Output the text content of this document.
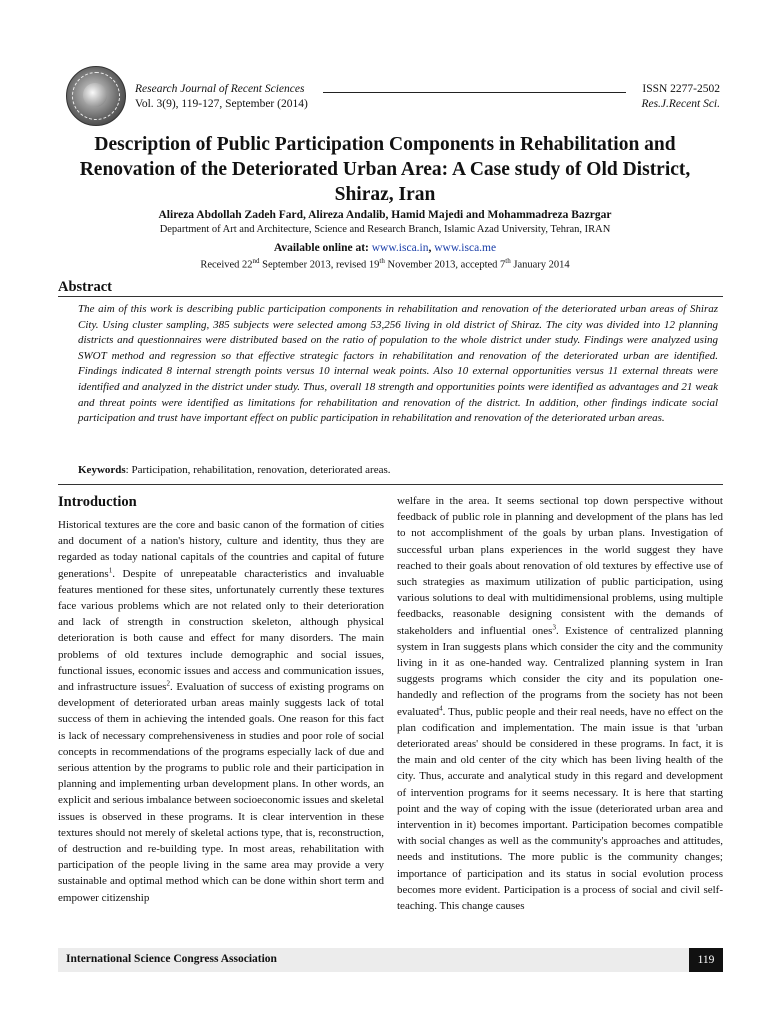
Research Journal of Recent Sciences
Vol. 3(9), 119-127, September (2014)
ISSN 2277-2502
Res.J.Recent Sci.
Description of Public Participation Components in Rehabilitation and Renovation of the Deteriorated Urban Area: A Case study of Old District, Shiraz, Iran
Alireza Abdollah Zadeh Fard, Alireza Andalib, Hamid Majedi and Mohammadreza Bazrgar
Department of Art and Architecture, Science and Research Branch, Islamic Azad University, Tehran, IRAN
Available online at: www.isca.in, www.isca.me
Received 22nd September 2013, revised 19th November 2013, accepted 7th January 2014
Abstract
The aim of this work is describing public participation components in rehabilitation and renovation of the deteriorated urban areas of Shiraz City. Using cluster sampling, 385 subjects were selected among 53,256 living in old district of Shiraz. The city was divided into 12 planning districts and questionnaires were distributed based on the ratio of population to the whole district under study. Findings were analyzed using SWOT method and regression so that effective strategic factors in rehabilitation and renovation of the deteriorated urban are identified. Findings indicated 8 internal strength points versus 10 internal weak points. Also 10 external opportunities versus 11 external threats were identified and analyzed in the district under study. Thus, overall 18 strength and opportunities points were identified as advantages and 21 weak and threat points were identified as limitations for rehabilitation and renovation of the district. In addition, other findings indicate social participation and trust have important effect on public participation in rehabilitation and renovation of the deteriorated urban areas.
Keywords: Participation, rehabilitation, renovation, deteriorated areas.
Introduction

Historical textures are the core and basic canon of the formation of cities and document of a nation's history, culture and identity, thus they are regarded as today national capitals of the countries and capital of future generations$^1$. Despite of unrepeatable characteristics and invaluable features mentioned for these sites, unfortunately currently these textures face various problems which are not related only to their deterioration and lack of strength in construction skeleton, although physical deterioration is both cause and effect for many disorders. The main problems of old textures include demographic and social issues, functional issues, economic issues and access and communication issues, and infrastructure issues$^2$. Evaluation of success of existing programs on development of deteriorated urban areas mainly suggests lack of total success of them in achieving the intended goals. One reason for this fact is lack of necessary comprehensiveness in studies and poor role of social concepts in recommendations of the programs especially lack of due and serious attention by the programs to public role and their participation in planning and implementing urban development plans. In other words, an explicit and serious imbalance between socioeconomic issues and skeletal issues is observed in these programs. It is clear intervention in these textures should not merely of skeletal actions type, that is, reconstruction, of destruction and re-building type. In most areas, rehabilitation with participation of the people living in the same area may provide a very sustainable and optimal method which can be done within short term and empower citizenship

welfare in the area. It seems sectional top down perspective without feedback of public role in planning and development of the plans has led to not accomplishment of the goals by urban plans. Investigation of successful urban plans experiences in the world suggest they have reached to their goals about renovation of old textures by effective use of such strategies as maximum utilization of public participation, using various solutions to deal with multidimensional problems, using multiple feedbacks, reasonable designing consistent with the demands of stakeholders and influential ones$^3$. Existence of centralized planning system in Iran suggests plans which consider the city and the community living in it as one-handed way. Centralized planning system in Iran suggests programs which consider the city and its population one-handedly and reflection of the programs from the society has not been evaluated$^4$. Thus, public people and their real needs, have no effect on the plan codification and implementation. The main issue is that 'urban deteriorated areas' should be considered in these programs. In fact, it is the main and old center of the city which has been living health of the city. Thus, accurate and analytical study in this regard and development of intervention programs for it seems necessary. It is here that starting point and the way of coping with the issue (deteriorated urban area and intervention in it) becomes important. Participation becomes compatible with social changes as well as the community's approaches and attitudes, needs and institutions. The more public is the community changes; importance of participation and its status in social evolution process becomes more evident. Participation is a process of social and civil self-teaching. This change causes

International Science Congress Association	119
